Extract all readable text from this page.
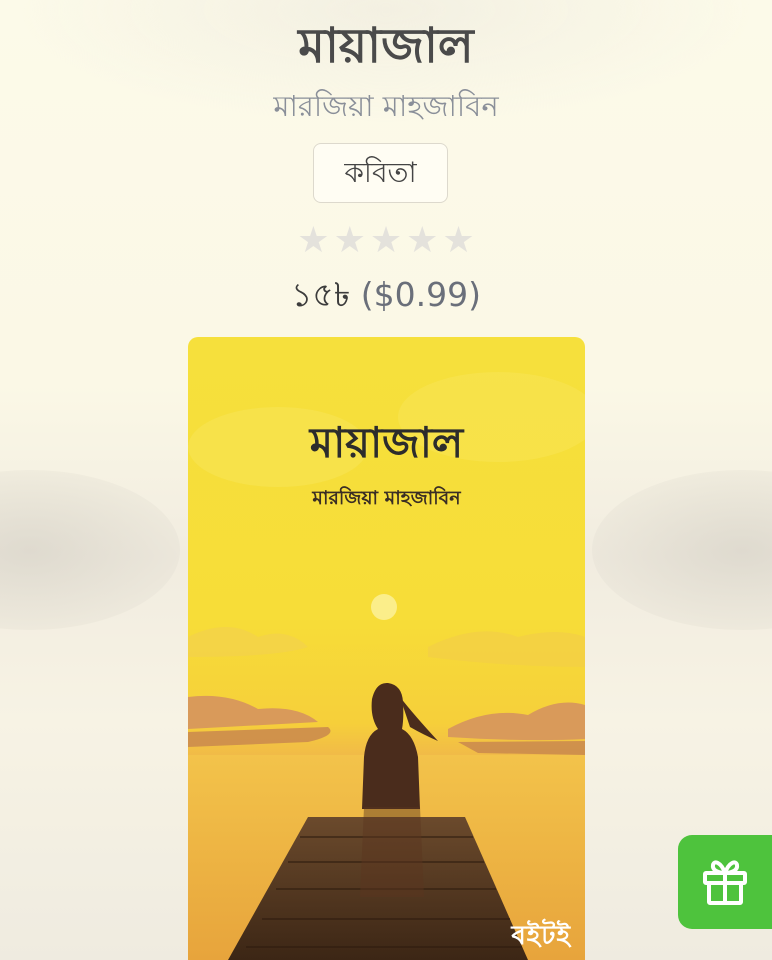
মায়াজাল
মারজিয়া মাহজাবিন
কবিতা
★ ★ ★ ★ ★
১৫৳ ($0.99)
মায়াজাল
মারজিয়া মাহজাবিন
বইটই
